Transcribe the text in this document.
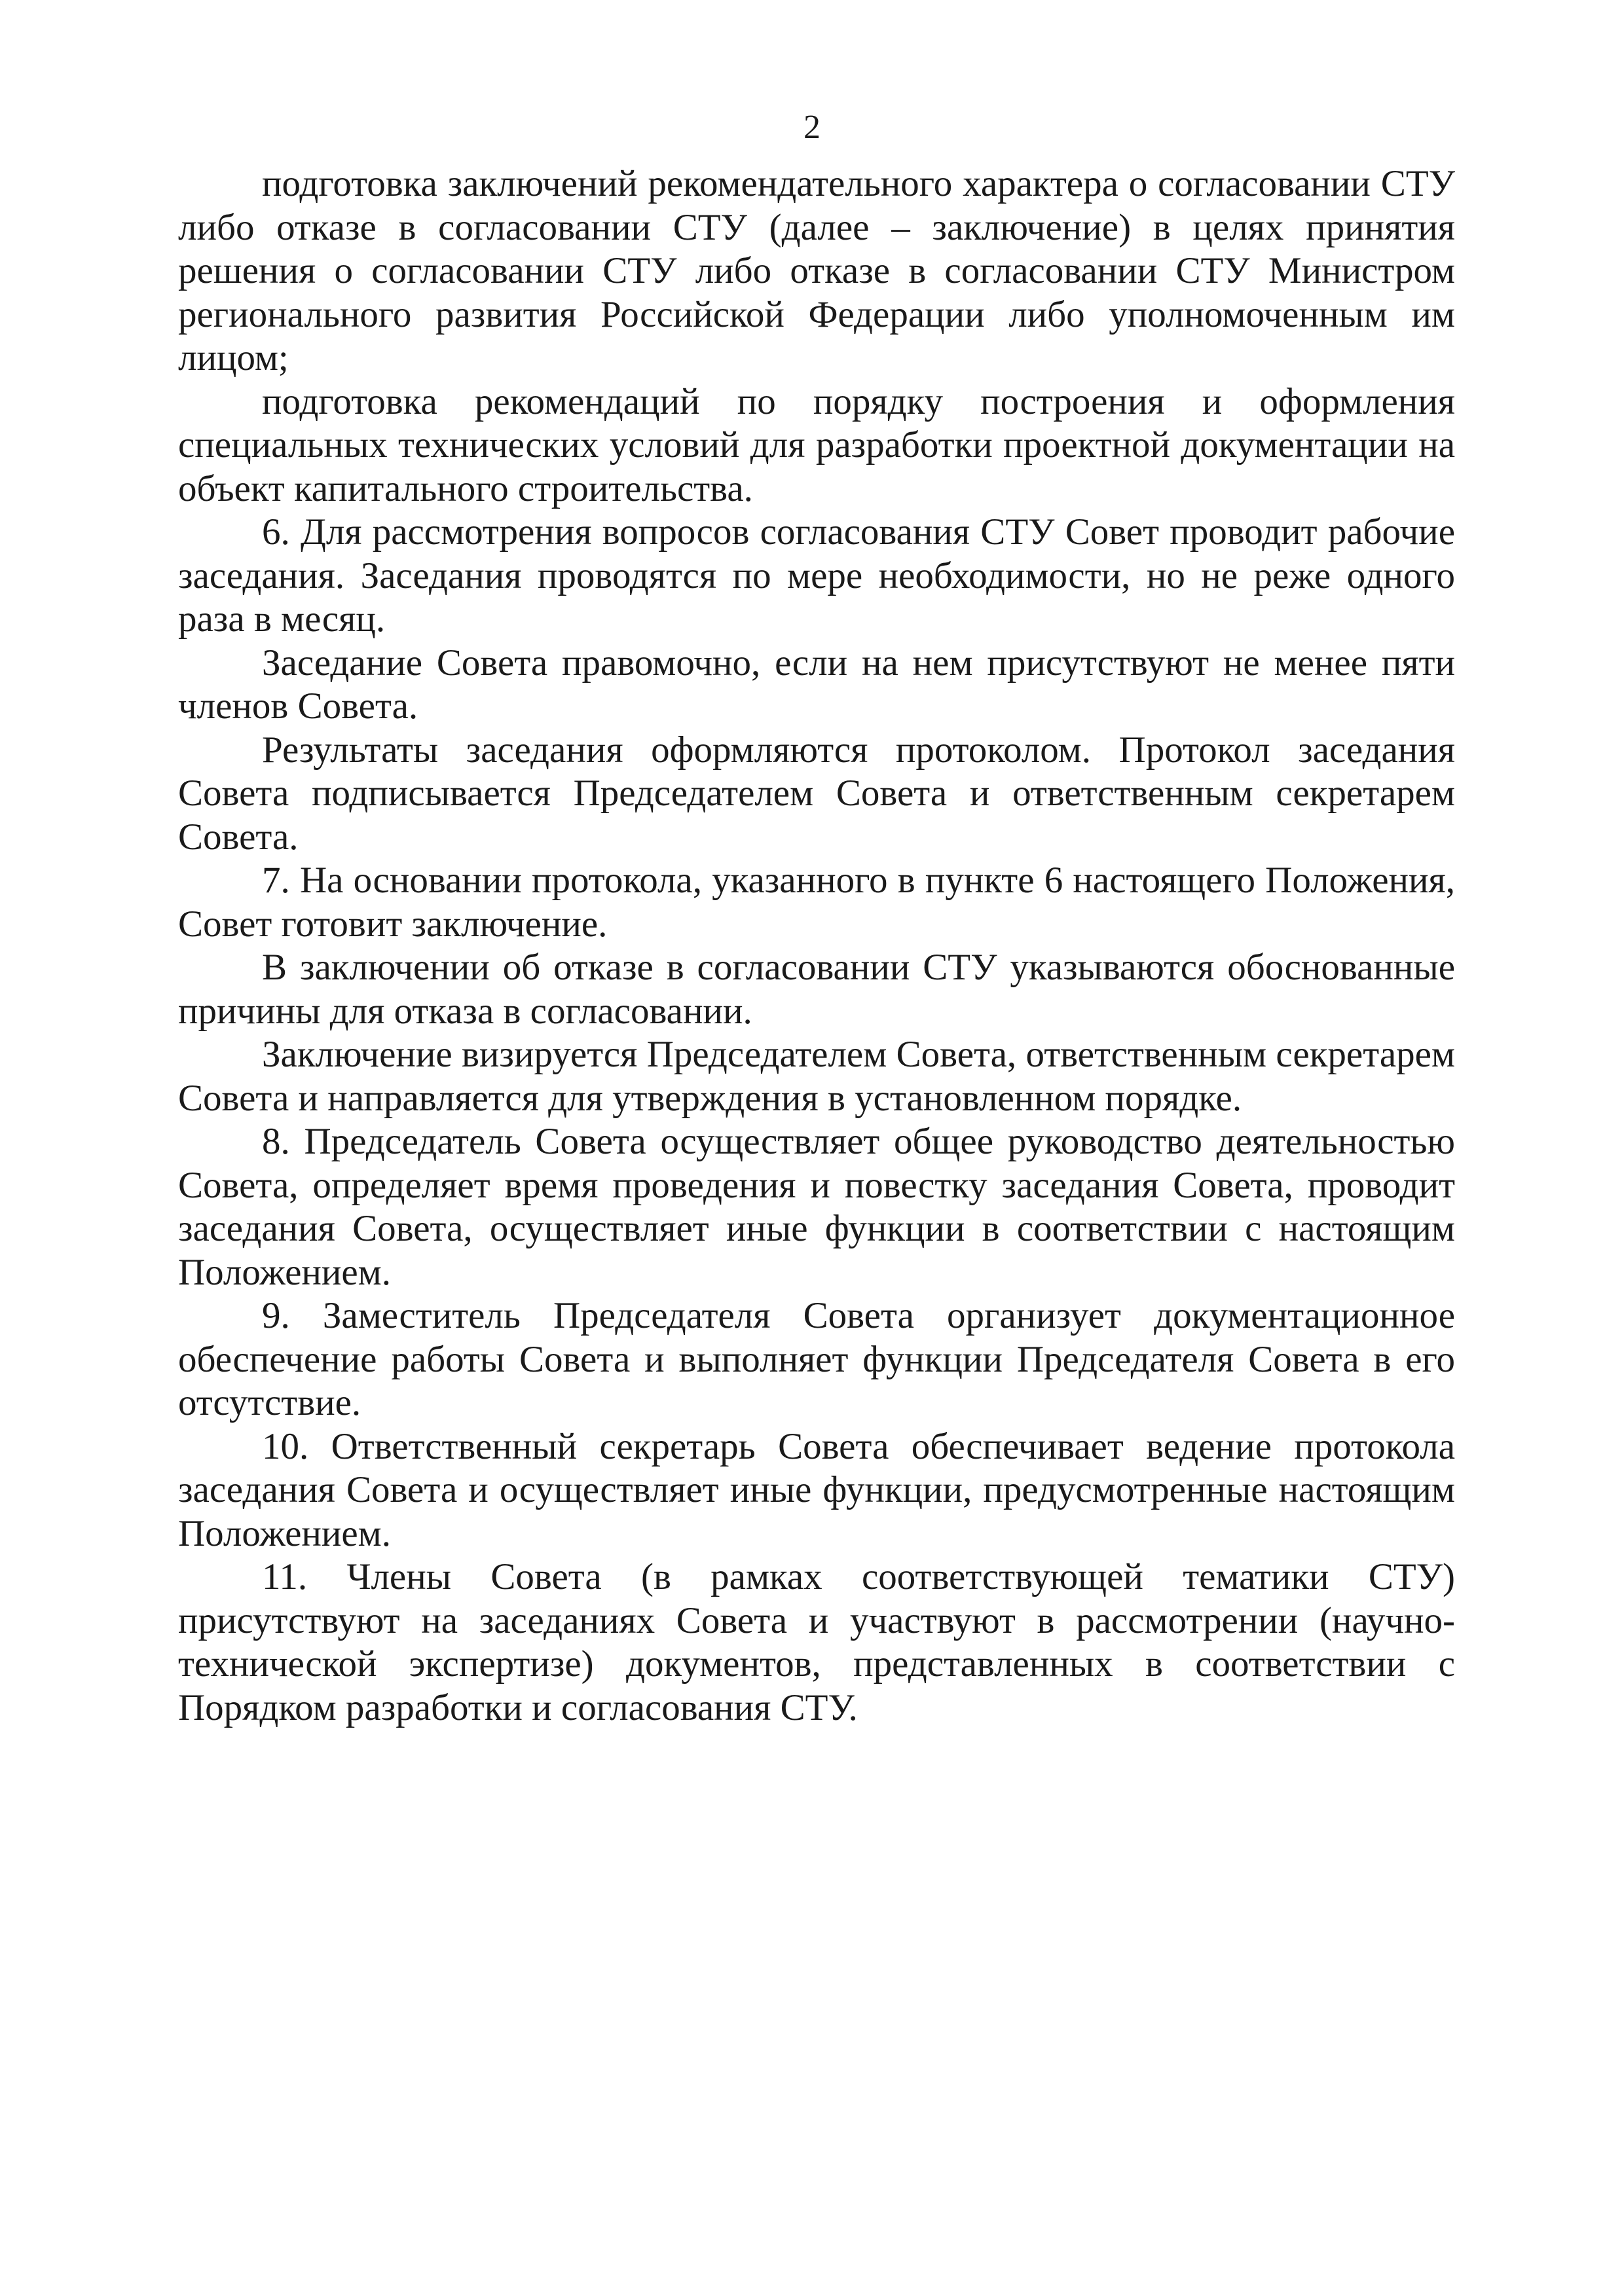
2

подготовка заключений рекомендательного характера о согласовании СТУ либо отказе в согласовании СТУ (далее – заключение) в целях принятия решения о согласовании СТУ либо отказе в согласовании СТУ Министром регионального развития Российской Федерации либо уполномоченным им лицом;

подготовка рекомендаций по порядку построения и оформления специальных технических условий для разработки проектной документации на объект капитального строительства.

6. Для рассмотрения вопросов согласования СТУ Совет проводит рабочие заседания. Заседания проводятся по мере необходимости, но не реже одного раза в месяц.

Заседание Совета правомочно, если на нем присутствуют не менее пяти членов Совета.

Результаты заседания оформляются протоколом. Протокол заседания Совета подписывается Председателем Совета и ответственным секретарем Совета.

7. На основании протокола, указанного в пункте 6 настоящего Положения, Совет готовит заключение.

В заключении об отказе в согласовании СТУ указываются обоснованные причины для отказа в согласовании.

Заключение визируется Председателем Совета, ответственным секретарем Совета и направляется для утверждения в установленном порядке.

8. Председатель Совета осуществляет общее руководство деятельностью Совета, определяет время проведения и повестку заседания Совета, проводит заседания Совета, осуществляет иные функции в соответствии с настоящим Положением.

9. Заместитель Председателя Совета организует документационное обеспечение работы Совета и выполняет функции Председателя Совета в его отсутствие.

10. Ответственный секретарь Совета обеспечивает ведение протокола заседания Совета и осуществляет иные функции, предусмотренные настоящим Положением.

11. Члены Совета (в рамках соответствующей тематики СТУ) присутствуют на заседаниях Совета и участвуют в рассмотрении (научно-технической экспертизе) документов, представленных в соответствии с Порядком разработки и согласования СТУ.
